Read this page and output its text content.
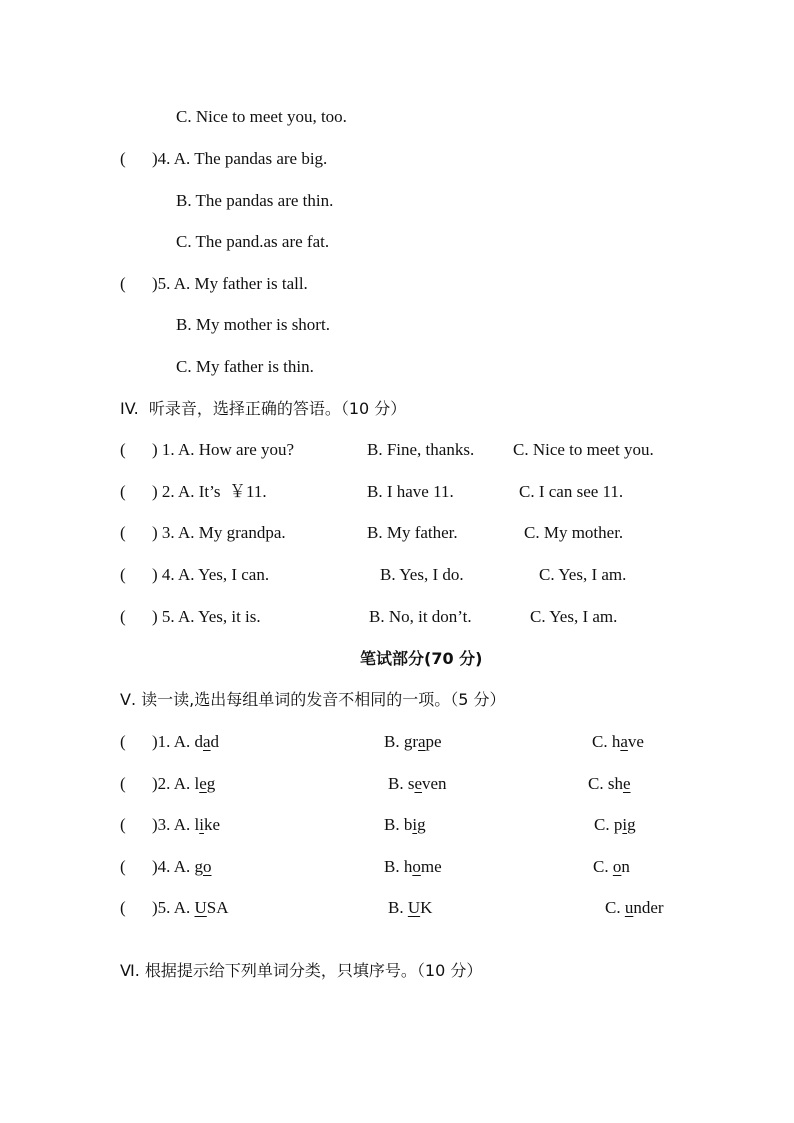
C. Nice to meet you, too.
( )4. A. The pandas are big.
B. The pandas are thin.
C. The pand.as are fat.
( )5. A. My father is tall.
B. My mother is short.
C. My father is thin.
IV.  听录音，选择正确的答语。（10 分）
( ) 1. A. How are you?	B. Fine, thanks. C. Nice to meet you.
( ) 2. A. It’s  ￥11.	B. I have 11.	C. I can see 11.
( ) 3. A. My grandpa.	B. My father.	C. My mother.
( ) 4. A. Yes, I can.	B. Yes, I do.	C. Yes, I am.
( ) 5. A. Yes, it is.	B. No, it don’t.	C. Yes, I am.
笔试部分(70 分)
Ⅴ. 读一读,选出每组单词的发音不相同的一项。（5 分）
( )1. A. dad	B. grape	C. have
( )2. A. leg	B. seven	C. she
( )3. A. like	B. big	C. pig
( )4. A. go	B. home	C. on
( )5. A. USA	B. UK	C. under
Ⅵ. 根据提示给下列单词分类，只填序号。（10 分）
